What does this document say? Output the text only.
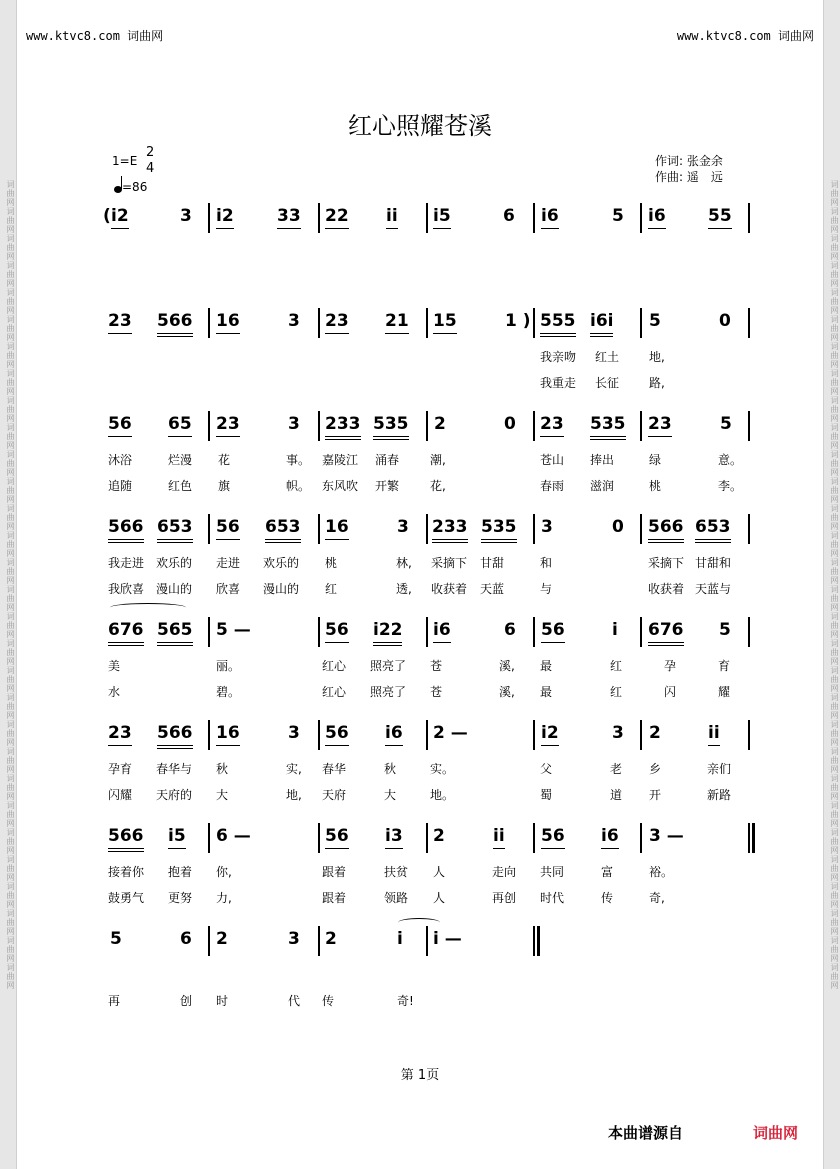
词曲网词曲网词曲网词曲网词曲网词曲网词曲网词曲网词曲网词曲网词曲网词曲网词曲网词曲网词曲网词曲网词曲网词曲网词曲网词曲网词曲网词曲网词曲网词曲网词曲网词曲网词曲网词曲网词曲网词曲网	词曲网词曲网词曲网词曲网词曲网词曲网词曲网词曲网词曲网词曲网词曲网词曲网词曲网词曲网词曲网词曲网词曲网词曲网词曲网词曲网词曲网词曲网词曲网词曲网词曲网词曲网词曲网词曲网词曲网词曲网
www.ktvc8.com 词曲网	www.ktvc8.com 词曲网
红心照耀苍溪
1=E
2
4
=86
作词: 张金余
作曲: 遥　远
( i2	3 i2	33 22 ii i5	6 i6	5 i6 55
23 566 16	3 23 21 15	1 ) 555 i6i 5	0
我亲吻 红土 地,
我重走 长征 路,
56 65 23	3 233 535 2	0 23 535 23	5
沐浴	烂漫 花	事。 嘉陵江 涌春	潮,	苍山 捧出	绿	意。
追随	红色 旗	帜。 东风吹 开繁	花,	春雨 滋润	桃	李。
566 653 56 653 16	3 233 535 3	0 566 653
我走进 欢乐的 走进 欢乐的 桃	林, 采摘下 甘甜	和	采摘下 甘甜和
我欣喜 漫山的 欣喜 漫山的 红	透, 收获着 天蓝	与	收获着 天蓝与
676 565 5 —	56 i22 i6	6 56	i 676 5
美	丽。	红心 照亮了 苍	溪, 最	红	孕	育
水	碧。	红心 照亮了 苍	溪, 最	红	闪	耀
23 566 16	3 56 i6 2 —	i2	3 2	ii
孕育 春华与 秋	实, 春华	秋	实。	父	老 乡	亲们
闪耀 天府的 大	地, 天府	大	地。	蜀	道 开	新路
566 i5 6 —	56 i3 2	ii 56 i6 3 —
接着你 抱着 你,	跟着	扶贫 人	走向 共同	富	裕。
鼓勇气 更努 力,	跟着	领路 人	再创 时代	传	奇,
5	6 2	3 2	i i —
再	创 时	代 传	奇!
第 1页
本曲谱源自	词曲网
